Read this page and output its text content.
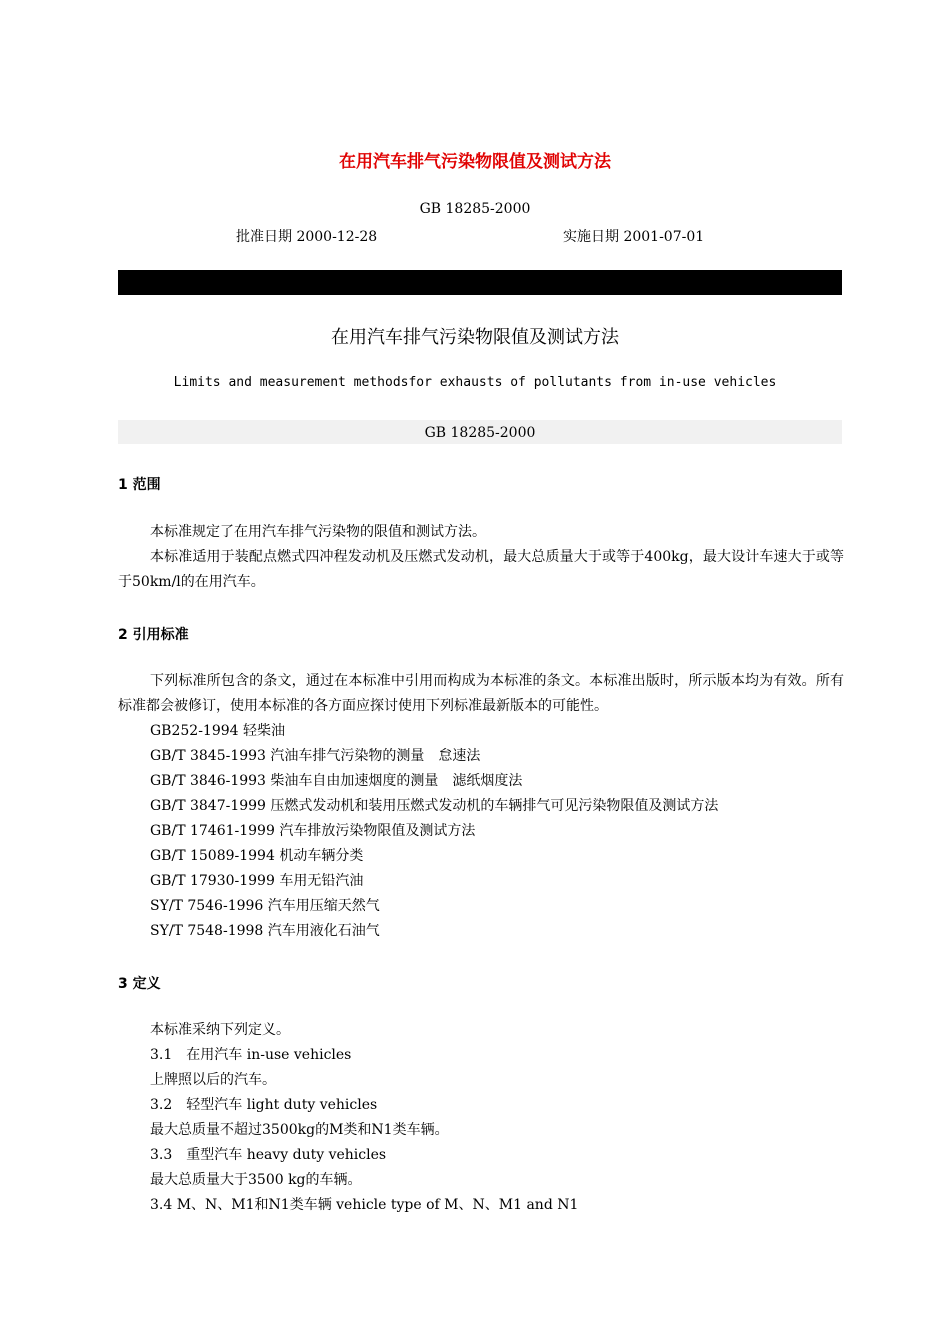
在用汽车排气污染物限值及测试方法
GB 18285-2000
批准日期 2000-12-28	实施日期 2001-07-01
在用汽车排气污染物限值及测试方法
Limits and measurement methodsfor exhausts of pollutants from in-use vehicles
GB 18285-2000
1 范围
本标准规定了在用汽车排气污染物的限值和测试方法。
本标准适用于装配点燃式四冲程发动机及压燃式发动机，最大总质量大于或等于400kg，最大设计车速大于或等于50km/l的在用汽车。
2 引用标准
下列标准所包含的条文，通过在本标准中引用而构成为本标准的条文。本标准出版时，所示版本均为有效。所有标准都会被修订，使用本标准的各方面应探讨使用下列标准最新版本的可能性。
GB252-1994 轻柴油
GB/T 3845-1993 汽油车排气污染物的测量　怠速法
GB/T 3846-1993 柴油车自由加速烟度的测量　滤纸烟度法
GB/T 3847-1999 压燃式发动机和装用压燃式发动机的车辆排气可见污染物限值及测试方法
GB/T 17461-1999 汽车排放污染物限值及测试方法
GB/T 15089-1994 机动车辆分类
GB/T 17930-1999 车用无铅汽油
SY/T 7546-1996 汽车用压缩天然气
SY/T 7548-1998 汽车用液化石油气
3 定义
本标准采纳下列定义。
3.1　在用汽车 in-use vehicles
上牌照以后的汽车。
3.2　轻型汽车 light duty vehicles
最大总质量不超过3500kg的M类和N1类车辆。
3.3　重型汽车 heavy duty vehicles
最大总质量大于3500 kg的车辆。
3.4 M、N、M1和N1类车辆 vehicle type of M、N、M1 and N1
